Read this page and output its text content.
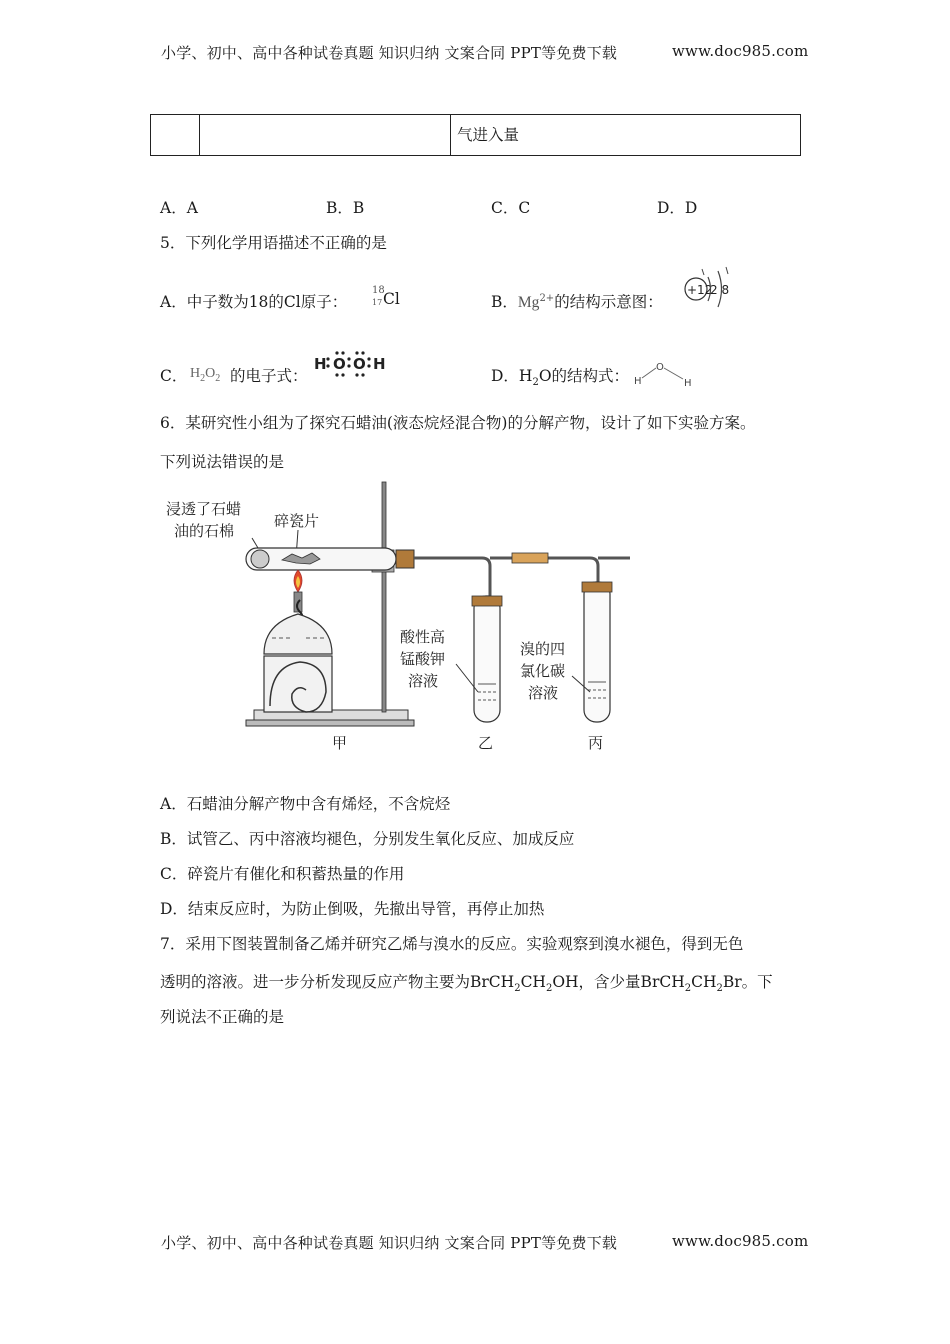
小学、初中、高中各种试卷真题 知识归纳 文案合同 PPT等免费下载	www.doc985.com
气进入量
A．A	B．B	C．C	D．D
5．下列化学用语描述不正确的是
A．中子数为18的Cl原子：
18
17 Cl	B．$Mg^{2+}$的结构示意图：
+12
2 8
C． $H_2O_2$ 的电子式：
H O O H
D．$H_2O$的结构式：	O
H	H
6．某研究性小组为了探究石蜡油(液态烷烃混合物)的分解产物，设计了如下实验方案。
下列说法错误的是
浸透了石蜡
油的石棉
碎瓷片
酸性高
锰酸钾
溶液
溴的四
氯化碳
溶液
甲	乙	丙
A．石蜡油分解产物中含有烯烃，不含烷烃
B．试管乙、丙中溶液均褪色，分别发生氧化反应、加成反应
C．碎瓷片有催化和积蓄热量的作用
D．结束反应时，为防止倒吸，先撤出导管，再停止加热
7．采用下图装置制备乙烯并研究乙烯与溴水的反应。实验观察到溴水褪色，得到无色
透明的溶液。进一步分析发现反应产物主要为$BrCH_2CH_2OH$，含少量$BrCH_2CH_2Br$。下
列说法不正确的是
小学、初中、高中各种试卷真题 知识归纳 文案合同 PPT等免费下载	www.doc985.com
